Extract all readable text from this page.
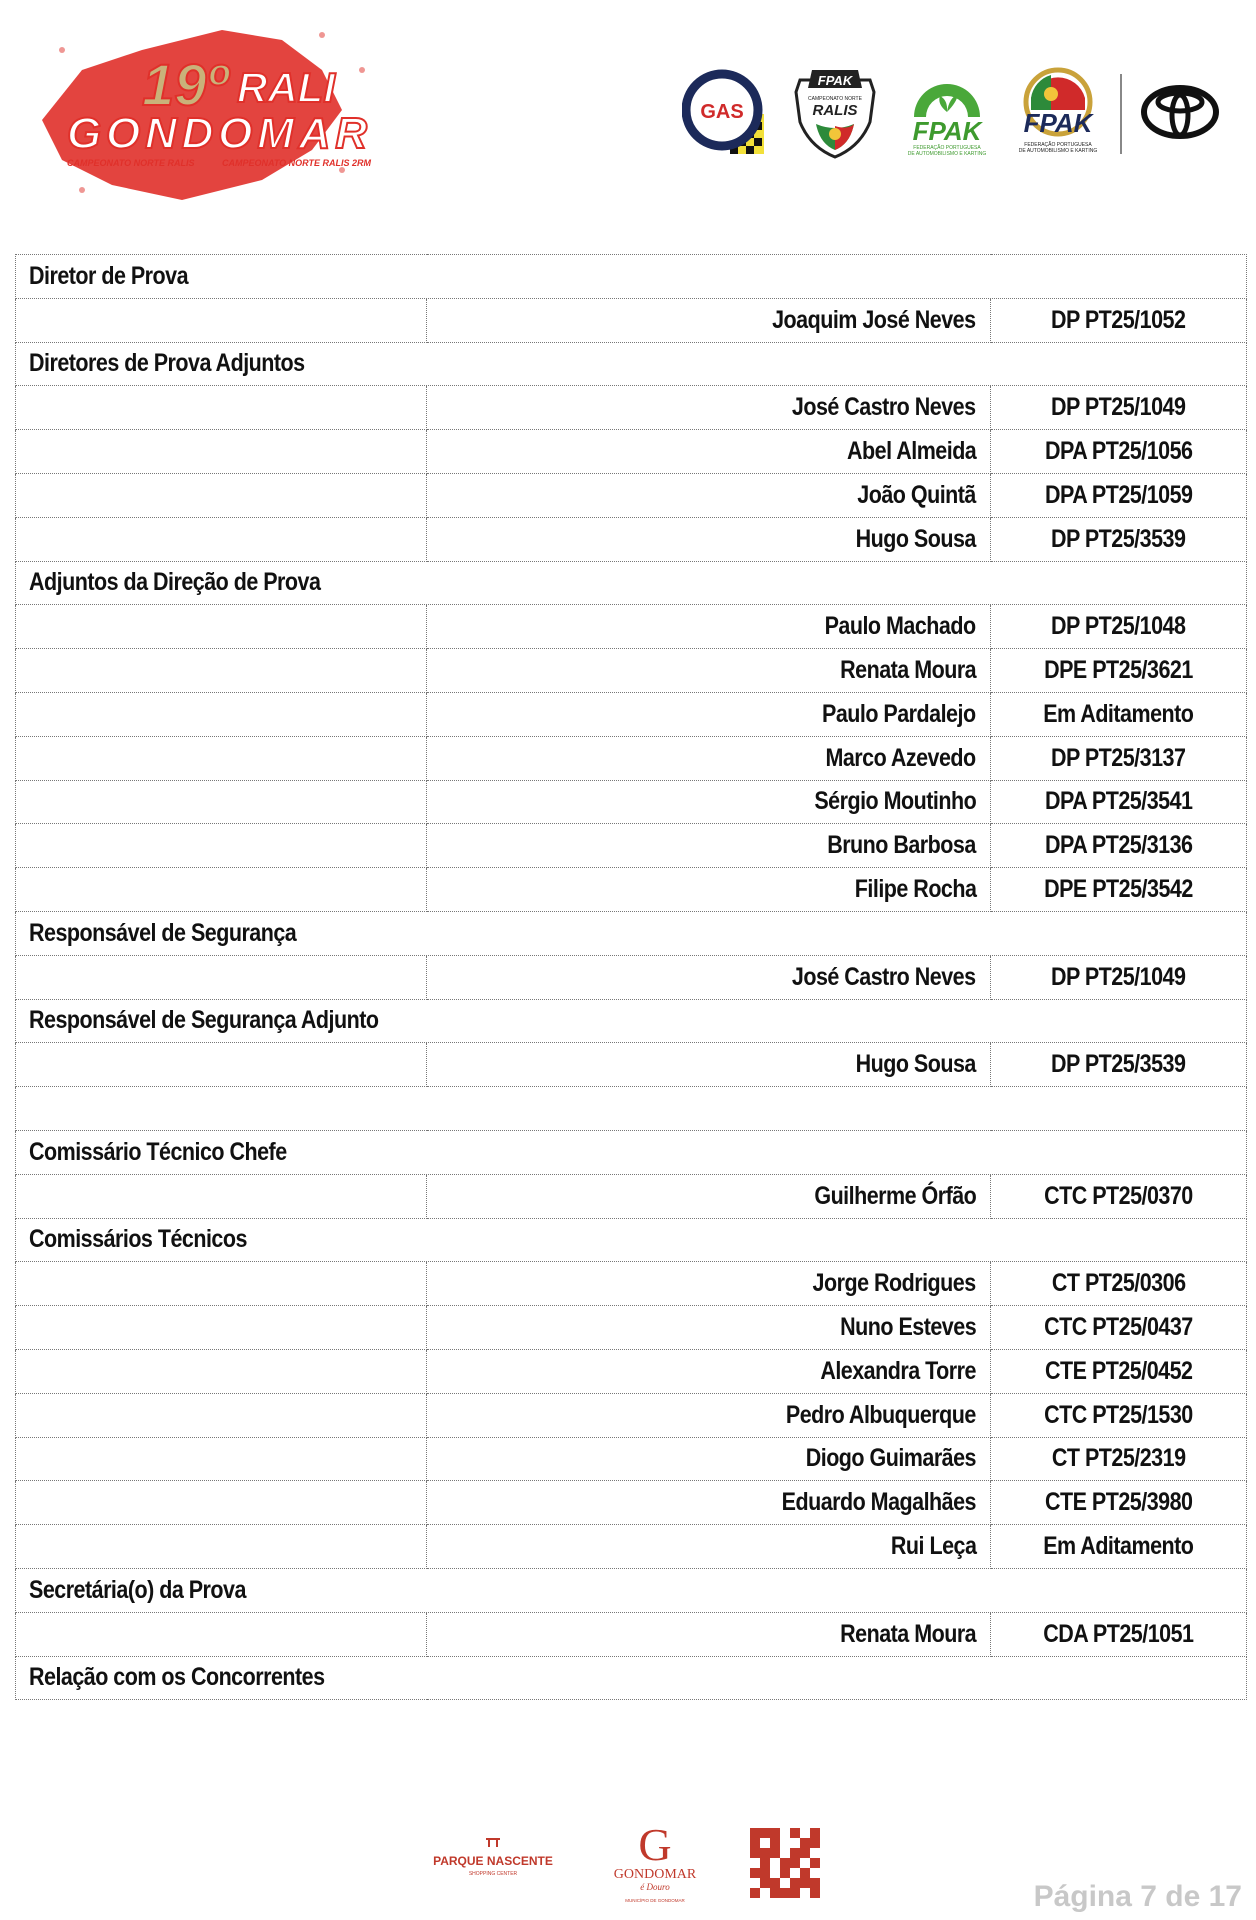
19º RALI
GONDOMAR
CAMPEONATO NORTE RALIS	CAMPEONATO NORTE RALIS 2RM
GAS
FPAK
CAMPEONATO NORTE
RALIS
FPAK
FEDERAÇÃO PORTUGUESA
DE AUTOMOBILISMO E KARTING
FPAK
FEDERAÇÃO PORTUGUESA
DE AUTOMOBILISMO E KARTING
Diretor de Prova		
	Joaquim José Neves	DP PT25/1052
Diretores de Prova Adjuntos		
	José Castro Neves	DP PT25/1049
	Abel Almeida	DPA PT25/1056
	João Quintã	DPA PT25/1059
	Hugo Sousa	DP PT25/3539
Adjuntos da Direção de Prova		
	Paulo Machado	DP PT25/1048
	Renata Moura	DPE PT25/3621
	Paulo Pardalejo	Em Aditamento
	Marco Azevedo	DP PT25/3137
	Sérgio Moutinho	DPA PT25/3541
	Bruno Barbosa	DPA PT25/3136
	Filipe Rocha	DPE PT25/3542
Responsável de Segurança		
	José Castro Neves	DP PT25/1049
Responsável de Segurança Adjunto		
	Hugo Sousa	DP PT25/3539

Comissário Técnico Chefe		
	Guilherme Órfão	CTC PT25/0370
Comissários Técnicos		
	Jorge Rodrigues	CT PT25/0306
	Nuno Esteves	CTC PT25/0437
	Alexandra Torre	CTE PT25/0452
	Pedro Albuquerque	CTC PT25/1530
	Diogo Guimarães	CT PT25/2319
	Eduardo Magalhães	CTE PT25/3980
	Rui Leça	Em Aditamento
Secretária(o) da Prova		
	Renata Moura	CDA PT25/1051
Relação com os Concorrentes		
PARQUE NASCENTE
SHOPPING CENTER
G
GONDOMAR
é Douro
MUNICÍPIO DE GONDOMAR	Página 7 de 17
